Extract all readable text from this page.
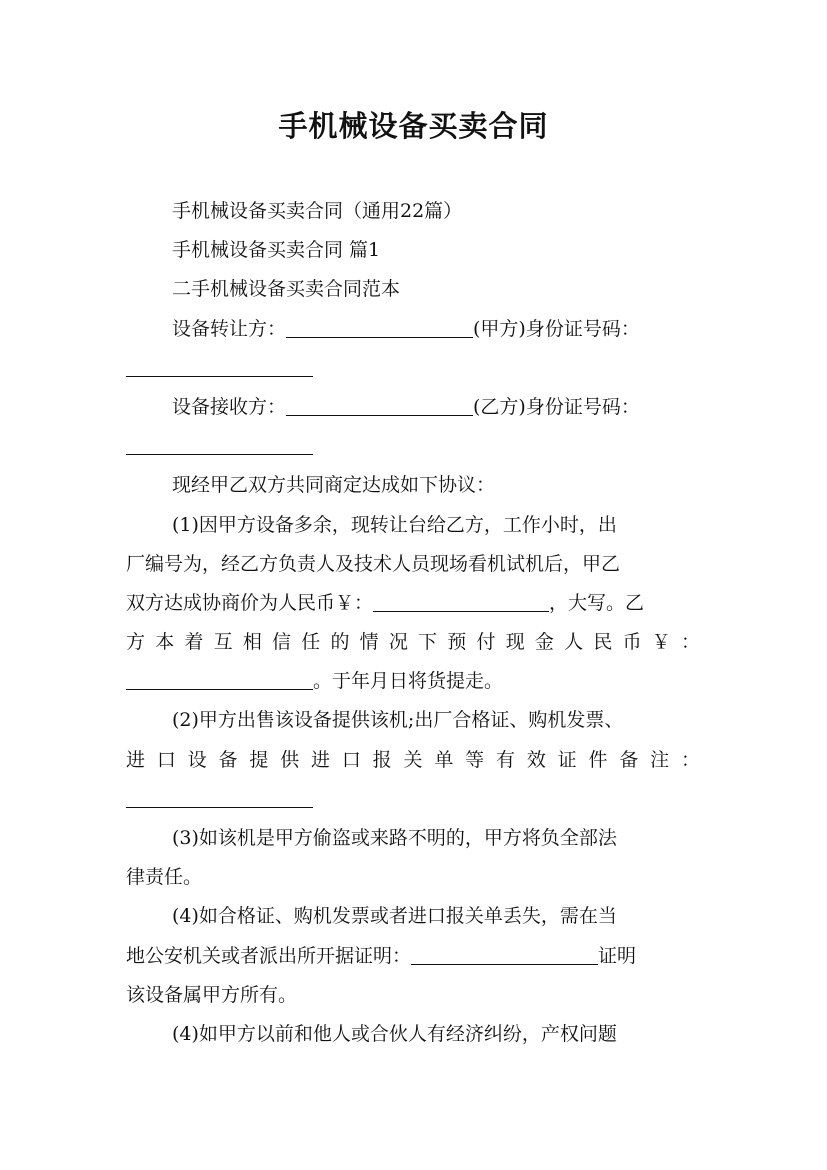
手机械设备买卖合同
手机械设备买卖合同（通用22篇）
手机械设备买卖合同 篇1
二手机械设备买卖合同范本
设备转让方：	(甲方)身份证号码：
设备接收方：	(乙方)身份证号码：
现经甲乙双方共同商定达成如下协议：
(1)因甲方设备多余，现转让台给乙方，工作小时，出
厂编号为，经乙方负责人及技术人员现场看机试机后，甲乙
双方达成协商价为人民币￥：	，大写。乙
方本着互相信任的情况下预付现金人民币￥：
。于年月日将货提走。
(2)甲方出售该设备提供该机;出厂合格证、购机发票、
进口设备提供进口报关单等有效证件备注：
(3)如该机是甲方偷盗或来路不明的，甲方将负全部法
律责任。
(4)如合格证、购机发票或者进口报关单丢失，需在当
地公安机关或者派出所开据证明：	证明
该设备属甲方所有。
(4)如甲方以前和他人或合伙人有经济纠纷，产权问题
